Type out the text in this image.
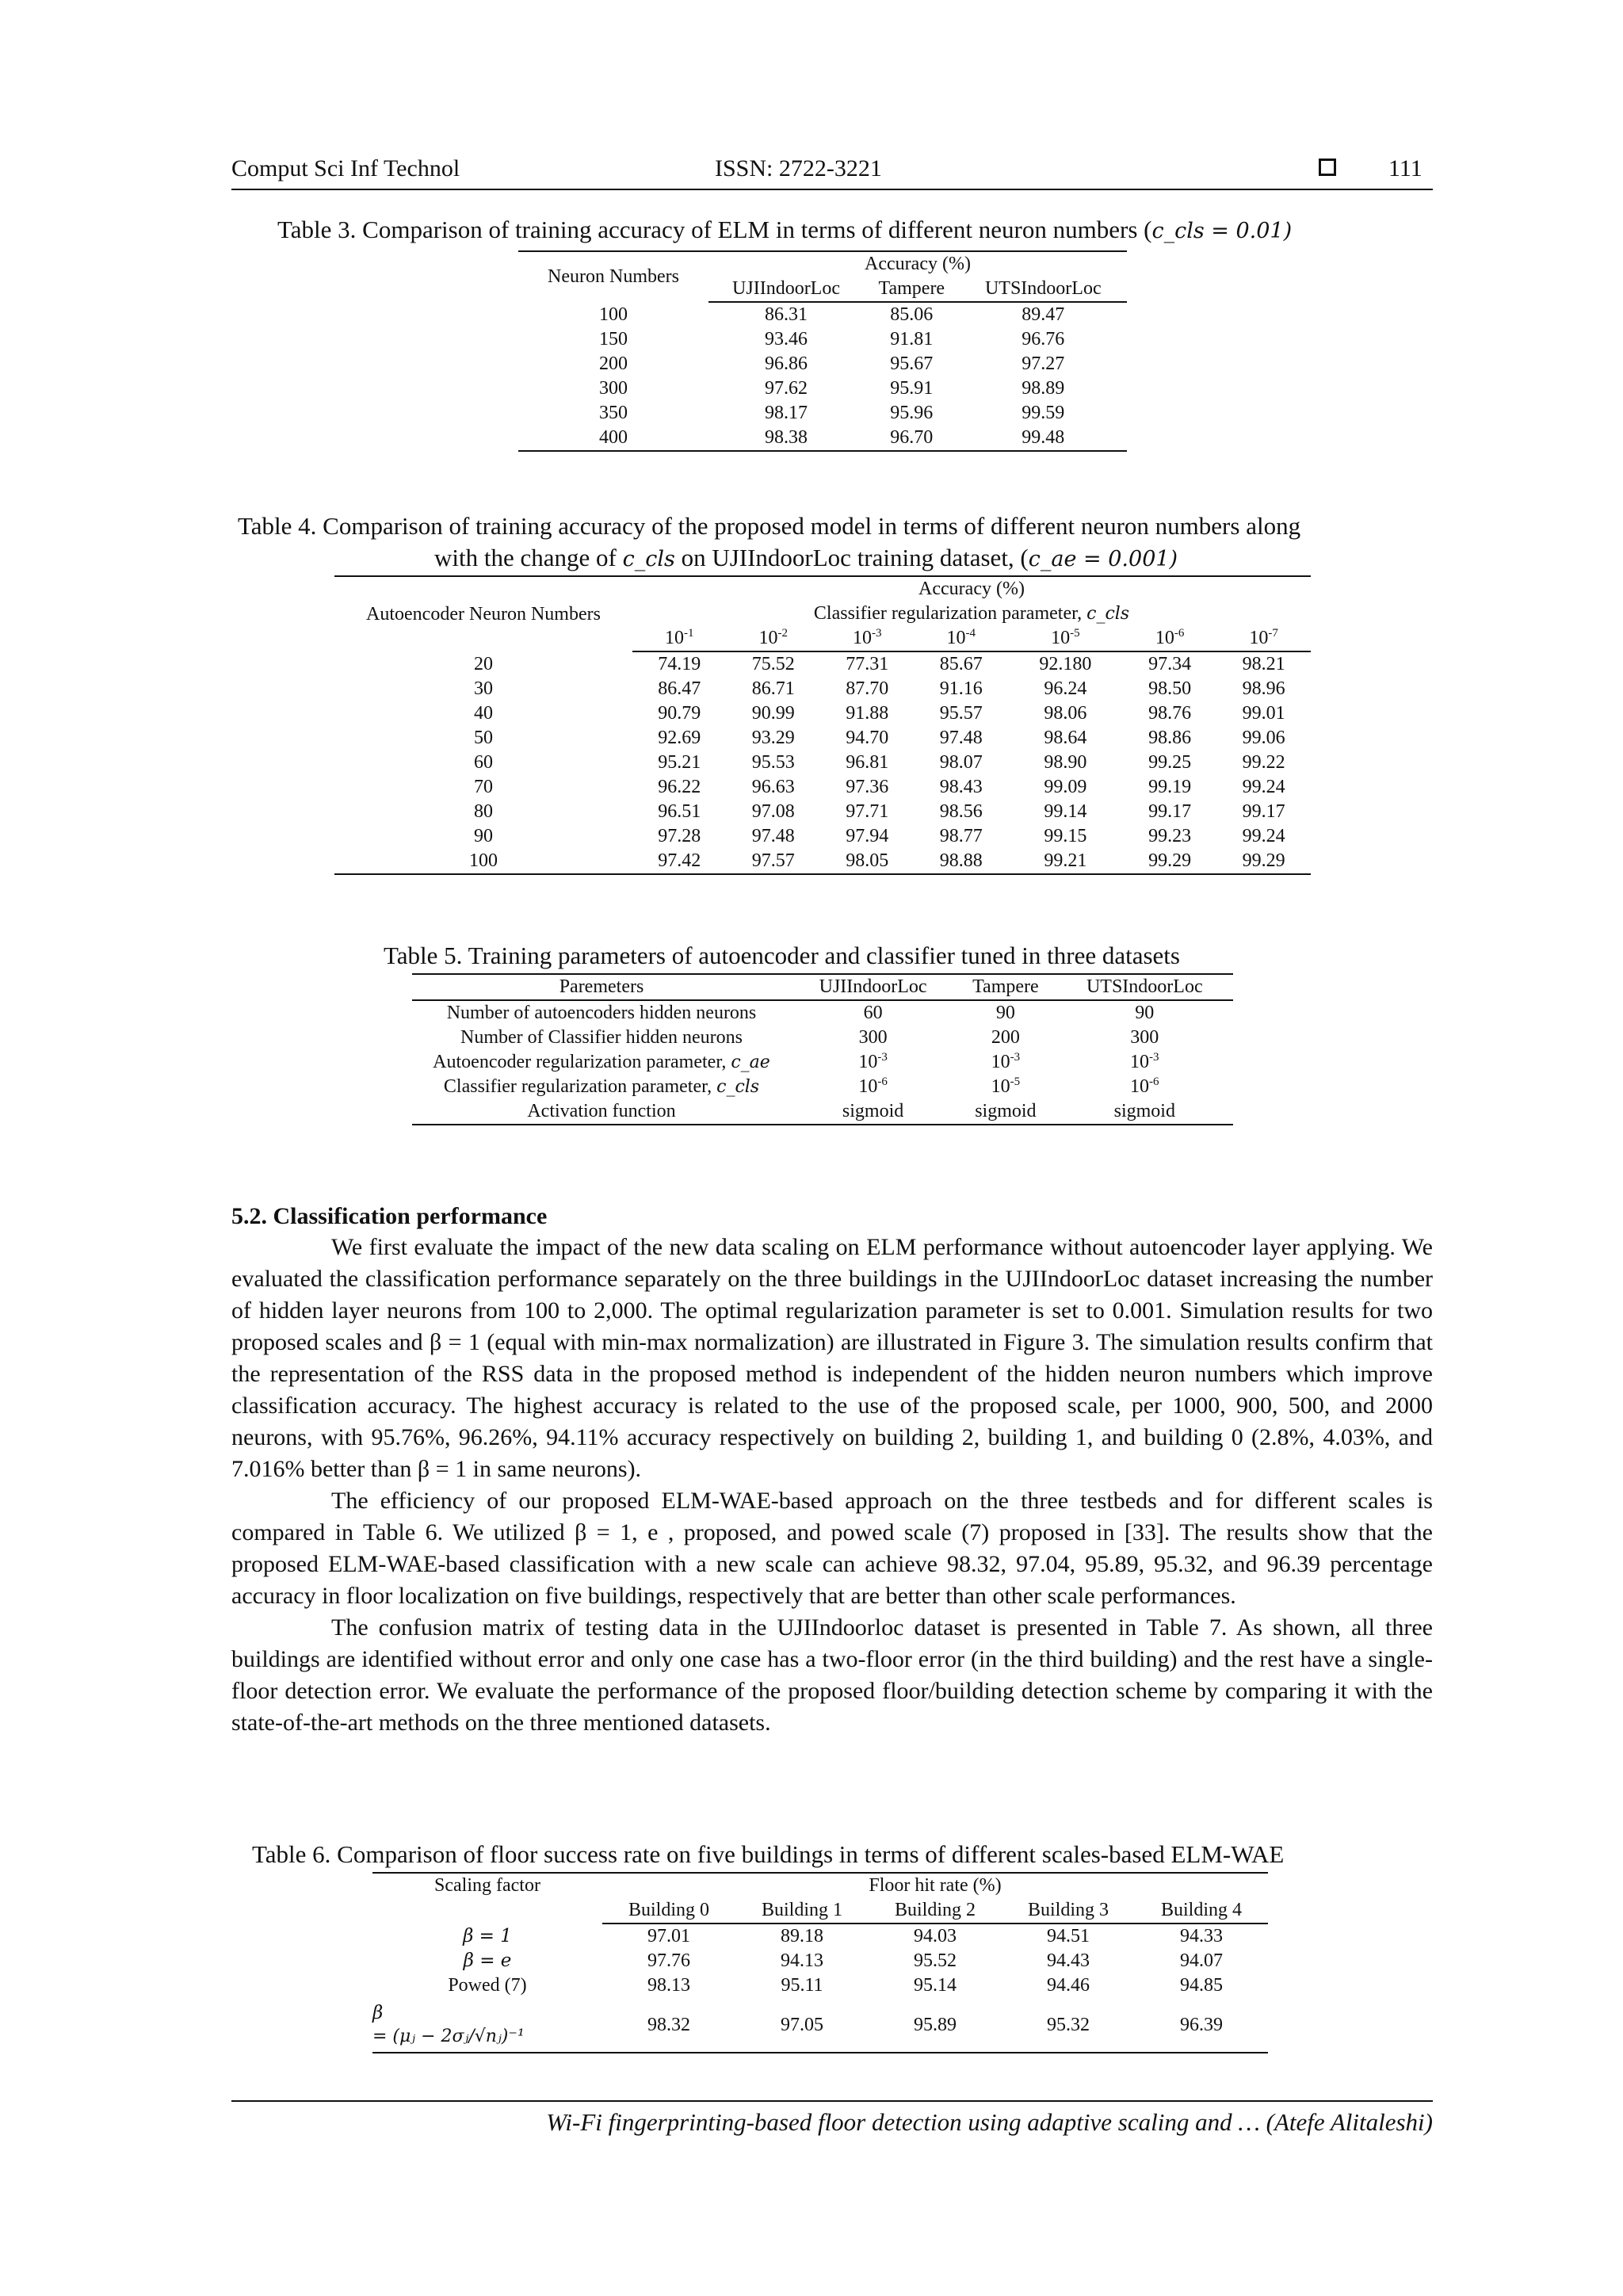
Comput Sci Inf Technol	ISSN: 2722-3221	111
Table 3. Comparison of training accuracy of ELM in terms of different neuron numbers (c_cls = 0.01)
Neuron Numbers	Accuracy (%)		
	UJIIndoorLoc	Tampere	UTSIndoorLoc
100	86.31	85.06	89.47
150	93.46	91.81	96.76
200	96.86	95.67	97.27
300	97.62	95.91	98.89
350	98.17	95.96	99.59
400	98.38	96.70	99.48
Table 4. Comparison of training accuracy of the proposed model in terms of different neuron numbers along
with the change of c_cls on UJIIndoorLoc training dataset, (c_ae = 0.001)
Autoencoder Neuron Numbers	Accuracy (%)						
	Classifier regularization parameter, c_cls						
	$10^{-1}$	$10^{-2}$	$10^{-3}$	$10^{-4}$	$10^{-5}$	$10^{-6}$	$10^{-7}$
20	74.19	75.52	77.31	85.67	92.180	97.34	98.21
30	86.47	86.71	87.70	91.16	96.24	98.50	98.96
40	90.79	90.99	91.88	95.57	98.06	98.76	99.01
50	92.69	93.29	94.70	97.48	98.64	98.86	99.06
60	95.21	95.53	96.81	98.07	98.90	99.25	99.22
70	96.22	96.63	97.36	98.43	99.09	99.19	99.24
80	96.51	97.08	97.71	98.56	99.14	99.17	99.17
90	97.28	97.48	97.94	98.77	99.15	99.23	99.24
100	97.42	97.57	98.05	98.88	99.21	99.29	99.29
Table 5. Training parameters of autoencoder and classifier tuned in three datasets
Paremeters	UJIIndoorLoc	Tampere	UTSIndoorLoc
Number of autoencoders hidden neurons	60	90	90
Number of Classifier hidden neurons	300	200	300
Autoencoder regularization parameter, c_ae	$10^{-3}$	$10^{-3}$	$10^{-3}$
Classifier regularization parameter, c_cls	$10^{-6}$	$10^{-5}$	$10^{-6}$
Activation function	sigmoid	sigmoid	sigmoid
5.2. Classification performance

We first evaluate the impact of the new data scaling on ELM performance without autoencoder layer applying. We evaluated the classification performance separately on the three buildings in the UJIIndoorLoc dataset increasing the number of hidden layer neurons from 100 to 2,000. The optimal regularization parameter is set to 0.001. Simulation results for two proposed scales and β = 1 (equal with min-max normalization) are illustrated in Figure 3. The simulation results confirm that the representation of the RSS data in the proposed method is independent of the hidden neuron numbers which improve classification accuracy. The highest accuracy is related to the use of the proposed scale, per 1000, 900, 500, and 2000 neurons, with 95.76%, 96.26%, 94.11% accuracy respectively on building 2, building 1, and building 0 (2.8%, 4.03%, and 7.016% better than β = 1 in same neurons).

The efficiency of our proposed ELM-WAE-based approach on the three testbeds and for different scales is compared in Table 6. We utilized β = 1, e , proposed, and powed scale (7) proposed in [33]. The results show that the proposed ELM-WAE-based classification with a new scale can achieve 98.32, 97.04, 95.89, 95.32, and 96.39 percentage accuracy in floor localization on five buildings, respectively that are better than other scale performances.

The confusion matrix of testing data in the UJIIndoorloc dataset is presented in Table 7. As shown, all three buildings are identified without error and only one case has a two-floor error (in the third building) and the rest have a single-floor detection error. We evaluate the performance of the proposed floor/building detection scheme by comparing it with the state-of-the-art methods on the three mentioned datasets.

Table 6. Comparison of floor success rate on five buildings in terms of different scales-based ELM-WAE
Scaling factor	Floor hit rate (%)				
	Building 0	Building 1	Building 2	Building 3	Building 4
β = 1	97.01	89.18	94.03	94.51	94.33
β = e	97.76	94.13	95.52	94.43	94.07
Powed (7)	98.13	95.11	95.14	94.46	94.85

β
= (μⱼ − 2σⱼ/√nⱼ)⁻¹	98.32	97.05	95.89	95.32	96.39
Wi-Fi fingerprinting-based floor detection using adaptive scaling and … (Atefe Alitaleshi)
